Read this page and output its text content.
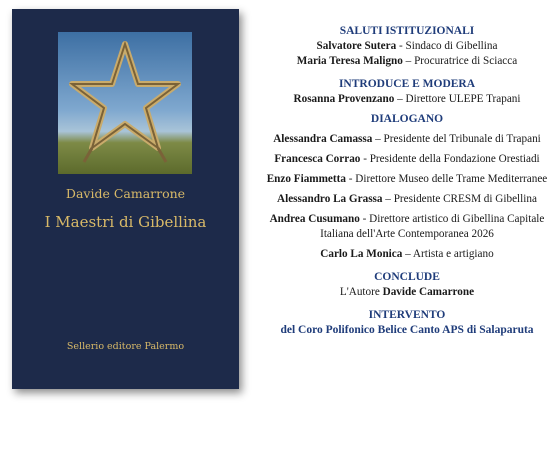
Davide Camarrone
I Maestri di Gibellina
Sellerio editore Palermo
SALUTI ISTITUZIONALI
Salvatore Sutera - Sindaco di Gibellina
Maria Teresa Maligno – Procuratrice di Sciacca
INTRODUCE E MODERA
Rosanna Provenzano – Direttore ULEPE Trapani
DIALOGANO
Alessandra Camassa – Presidente del Tribunale di Trapani
Francesca Corrao - Presidente della Fondazione Orestiadi
Enzo Fiammetta - Direttore Museo delle Trame Mediterranee
Alessandro La Grassa – Presidente CRESM di Gibellina
Andrea Cusumano - Direttore artistico di Gibellina Capitale Italiana dell'Arte Contemporanea 2026
Carlo La Monica – Artista e artigiano
CONCLUDE
L'Autore Davide Camarrone
INTERVENTO
del Coro Polifonico Belice Canto APS di Salaparuta
